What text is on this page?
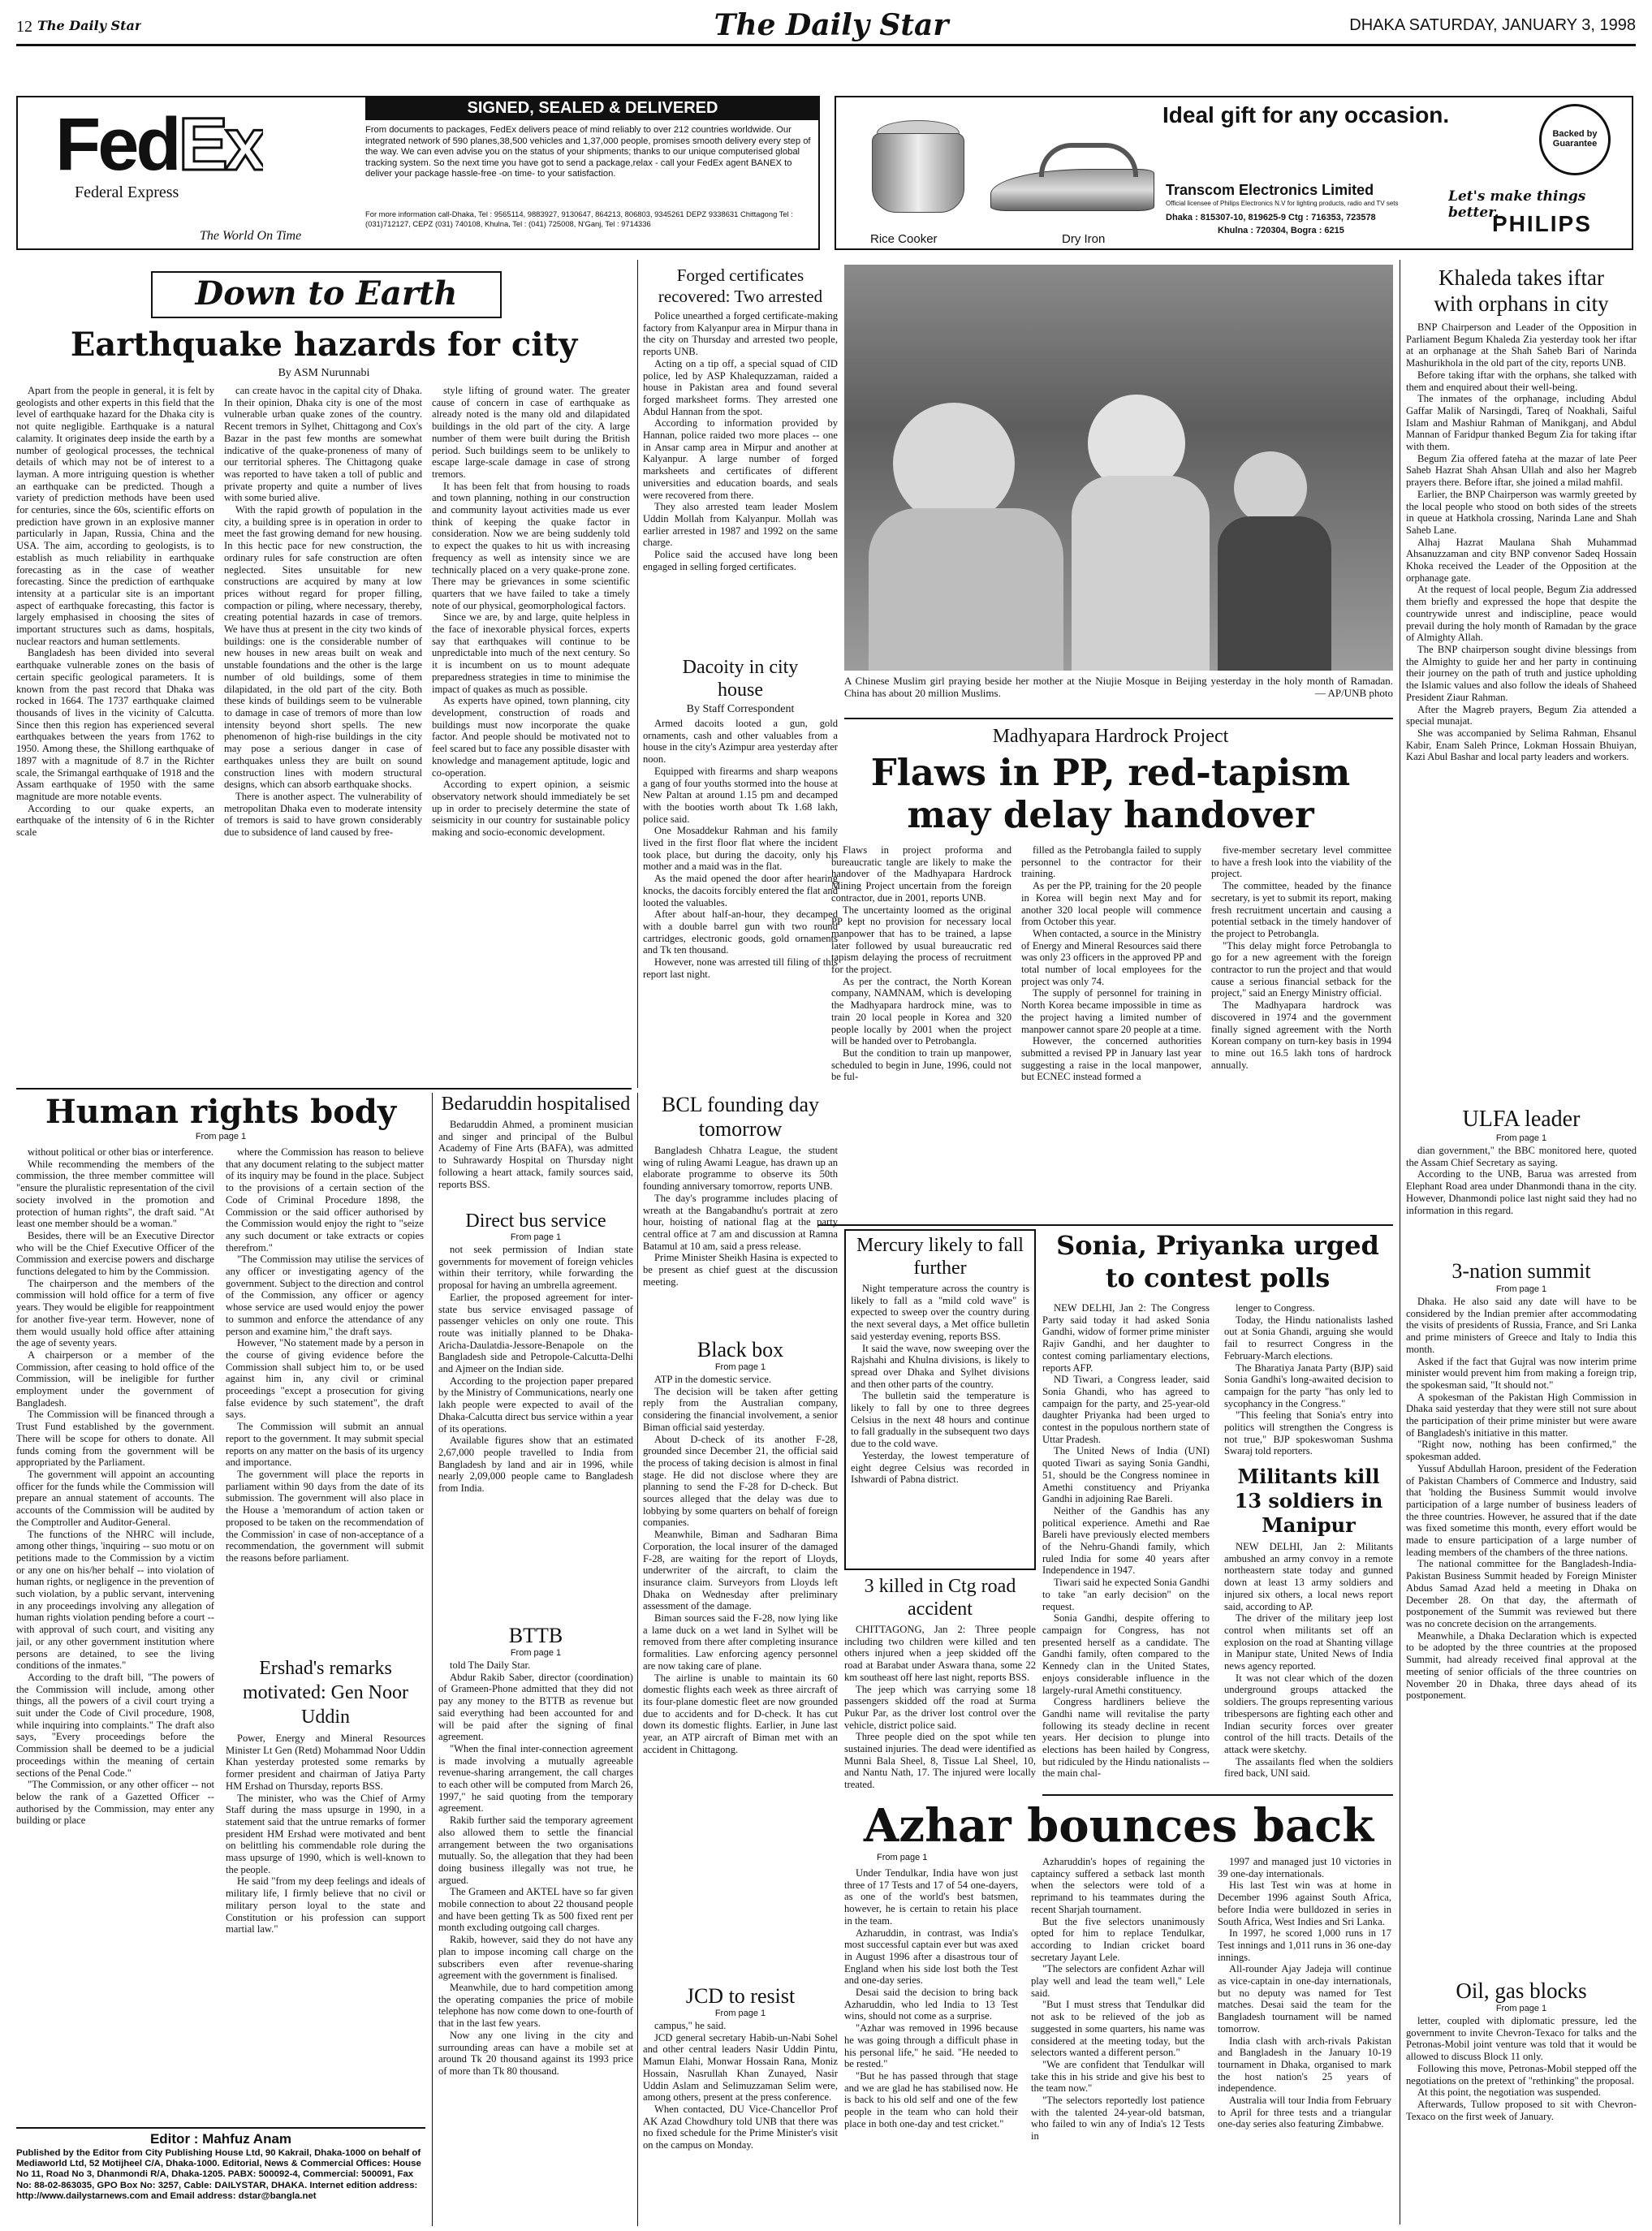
12 The Daily Star	The Daily Star	DHAKA SATURDAY, JANUARY 3, 1998
FedEx
Federal Express
The World On Time
SIGNED, SEALED & DELIVERED
From documents to packages, FedEx delivers peace of mind reliably to over 212 countries worldwide. Our integrated network of 590 planes,38,500 vehicles and 1,37,000 people, promises smooth delivery every step of the way. We can even advise you on the status of your shipments; thanks to our unique computerised global tracking system. So the next time you have got to send a package,relax - call your FedEx agent BANEX to deliver your package hassle-free -on time- to your satisfaction.
For more information call-Dhaka, Tel : 9565114, 9883927, 9130647, 864213, 806803, 9345261 DEPZ 9338631 Chittagong Tel : (031)712127, CEPZ (031) 740108, Khulna, Tel : (041) 725008, N'Ganj, Tel : 9714336
Rice Cooker	Dry Iron
Ideal gift for any occasion.
Backed by Guarantee
Transcom Electronics Limited
Official licensee of Philips Electronics N.V for lighting products, radio and TV sets
Dhaka : 815307-10, 819625-9 Ctg : 716353, 723578
Khulna : 720304, Bogra : 6215
Let's make things better.
PHILIPS
Down to Earth
Earthquake hazards for city
By ASM Nurunnabi

Apart from the people in general, it is felt by geologists and other experts in this field that the level of earthquake hazard for the Dhaka city is not quite negligible. Earthquake is a natural calamity. It originates deep inside the earth by a number of geological processes, the technical details of which may not be of interest to a layman. A more intriguing question is whether an earthquake can be predicted. Though a variety of prediction methods have been used for centuries, since the 60s, scientific efforts on prediction have grown in an explosive manner particularly in Japan, Russia, China and the USA. The aim, according to geologists, is to establish as much reliability in earthquake forecasting as in the case of weather forecasting. Since the prediction of earthquake intensity at a particular site is an important aspect of earthquake forecasting, this factor is largely emphasised in choosing the sites of important structures such as dams, hospitals, nuclear reactors and human settlements.

Bangladesh has been divided into several earthquake vulnerable zones on the basis of certain specific geological parameters. It is known from the past record that Dhaka was rocked in 1664. The 1737 earthquake claimed thousands of lives in the vicinity of Calcutta. Since then this region has experienced several earthquakes between the years from 1762 to 1950. Among these, the Shillong earthquake of 1897 with a magnitude of 8.7 in the Richter scale, the Srimangal earthquake of 1918 and the Assam earthquake of 1950 with the same magnitude are more notable events.

According to our quake experts, an earthquake of the intensity of 6 in the Richter scale

can create havoc in the capital city of Dhaka. In their opinion, Dhaka city is one of the most vulnerable urban quake zones of the country. Recent tremors in Sylhet, Chittagong and Cox's Bazar in the past few months are somewhat indicative of the quake-proneness of many of our territorial spheres. The Chittagong quake was reported to have taken a toll of public and private property and quite a number of lives with some buried alive.

With the rapid growth of population in the city, a building spree is in operation in order to meet the fast growing demand for new housing. In this hectic pace for new construction, the ordinary rules for safe construction are often neglected. Sites unsuitable for new constructions are acquired by many at low prices without regard for proper filling, compaction or piling, where necessary, thereby, creating potential hazards in case of tremors. We have thus at present in the city two kinds of buildings: one is the considerable number of new houses in new areas built on weak and unstable foundations and the other is the large number of old buildings, some of them dilapidated, in the old part of the city. Both these kinds of buildings seem to be vulnerable to damage in case of tremors of more than low intensity beyond short spells. The new phenomenon of high-rise buildings in the city may pose a serious danger in case of earthquakes unless they are built on sound construction lines with modern structural designs, which can absorb earthquake shocks.

There is another aspect. The vulnerability of metropolitan Dhaka even to moderate intensity of tremors is said to have grown considerably due to subsidence of land caused by free-

style lifting of ground water. The greater cause of concern in case of earthquake as already noted is the many old and dilapidated buildings in the old part of the city. A large number of them were built during the British period. Such buildings seem to be unlikely to escape large-scale damage in case of strong tremors.

It has been felt that from housing to roads and town planning, nothing in our construction and community layout activities made us ever think of keeping the quake factor in consideration. Now we are being suddenly told to expect the quakes to hit us with increasing frequency as well as intensity since we are technically placed on a very quake-prone zone. There may be grievances in some scientific quarters that we have failed to take a timely note of our physical, geomorphological factors.

Since we are, by and large, quite helpless in the face of inexorable physical forces, experts say that earthquakes will continue to be unpredictable into much of the next century. So it is incumbent on us to mount adequate preparedness strategies in time to minimise the impact of quakes as much as possible.

As experts have opined, town planning, city development, construction of roads and buildings must now incorporate the quake factor. And people should be motivated not to feel scared but to face any possible disaster with knowledge and management aptitude, logic and co-operation.

According to expert opinion, a seismic observatory network should immediately be set up in order to precisely determine the state of seismicity in our country for sustainable policy making and socio-economic development.

Forged certificates recovered: Two arrested

Police unearthed a forged certificate-making factory from Kalyanpur area in Mirpur thana in the city on Thursday and arrested two people, reports UNB.

Acting on a tip off, a special squad of CID police, led by ASP Khalequzzaman, raided a house in Pakistan area and found several forged marksheet forms. They arrested one Abdul Hannan from the spot.

According to information provided by Hannan, police raided two more places -- one in Ansar camp area in Mirpur and another at Kalyanpur. A large number of forged marksheets and certificates of different universities and education boards, and seals were recovered from there.

They also arrested team leader Moslem Uddin Mollah from Kalyanpur. Mollah was earlier arrested in 1987 and 1992 on the same charge.

Police said the accused have long been engaged in selling forged certificates.

Dacoity in city house
By Staff Correspondent

Armed dacoits looted a gun, gold ornaments, cash and other valuables from a house in the city's Azimpur area yesterday after noon.

Equipped with firearms and sharp weapons a gang of four youths stormed into the house at New Paltan at around 1.15 pm and decamped with the booties worth about Tk 1.68 lakh, police said.

One Mosaddekur Rahman and his family lived in the first floor flat where the incident took place, but during the dacoity, only his mother and a maid was in the flat.

As the maid opened the door after hearing knocks, the dacoits forcibly entered the flat and looted the valuables.

After about half-an-hour, they decamped with a double barrel gun with two round cartridges, electronic goods, gold ornaments and Tk ten thousand.

However, none was arrested till filing of this report last night.

A Chinese Muslim girl praying beside her mother at the Niujie Mosque in Beijing yesterday in the holy month of Ramadan. China has about 20 million Muslims.	— AP/UNB photo
Khaleda takes iftar with orphans in city

BNP Chairperson and Leader of the Opposition in Parliament Begum Khaleda Zia yesterday took her iftar at an orphanage at the Shah Saheb Bari of Narinda Mashurikhola in the old part of the city, reports UNB.

Before taking iftar with the orphans, she talked with them and enquired about their well-being.

The inmates of the orphanage, including Abdul Gaffar Malik of Narsingdi, Tareq of Noakhali, Saiful Islam and Mashiur Rahman of Manikganj, and Abdul Mannan of Faridpur thanked Begum Zia for taking iftar with them.

Begum Zia offered fateha at the mazar of late Peer Saheb Hazrat Shah Ahsan Ullah and also her Magreb prayers there. Before iftar, she joined a milad mahfil.

Earlier, the BNP Chairperson was warmly greeted by the local people who stood on both sides of the streets in queue at Hatkhola crossing, Narinda Lane and Shah Saheb Lane.

Alhaj Hazrat Maulana Shah Muhammad Ahsanuzzaman and city BNP convenor Sadeq Hossain Khoka received the Leader of the Opposition at the orphanage gate.

At the request of local people, Begum Zia addressed them briefly and expressed the hope that despite the countrywide unrest and indiscipline, peace would prevail during the holy month of Ramadan by the grace of Almighty Allah.

The BNP chairperson sought divine blessings from the Almighty to guide her and her party in continuing their journey on the path of truth and justice upholding the Islamic values and also follow the ideals of Shaheed President Ziaur Rahman.

After the Magreb prayers, Begum Zia attended a special munajat.

She was accompanied by Selima Rahman, Ehsanul Kabir, Enam Saleh Prince, Lokman Hossain Bhuiyan, Kazi Abul Bashar and local party leaders and workers.

Madhyapara Hardrock Project
Flaws in PP, red-tapism may delay handover

Flaws in project proforma and bureaucratic tangle are likely to make the handover of the Madhyapara Hardrock Mining Project uncertain from the foreign contractor, due in 2001, reports UNB.

The uncertainty loomed as the original PP kept no provision for necessary local manpower that has to be trained, a lapse later followed by usual bureaucratic red tapism delaying the process of recruitment for the project.

As per the contract, the North Korean company, NAMNAM, which is developing the Madhyapara hardrock mine, was to train 20 local people in Korea and 320 people locally by 2001 when the project will be handed over to Petrobangla.

But the condition to train up manpower, scheduled to begin in June, 1996, could not be ful-

filled as the Petrobangla failed to supply personnel to the contractor for their training.

As per the PP, training for the 20 people in Korea will begin next May and for another 320 local people will commence from October this year.

When contacted, a source in the Ministry of Energy and Mineral Resources said there was only 23 officers in the approved PP and total number of local employees for the project was only 74.

The supply of personnel for training in North Korea became impossible in time as the project having a limited number of manpower cannot spare 20 people at a time.

However, the concerned authorities submitted a revised PP in January last year suggesting a raise in the local manpower, but ECNEC instead formed a

five-member secretary level committee to have a fresh look into the viability of the project.

The committee, headed by the finance secretary, is yet to submit its report, making fresh recruitment uncertain and causing a potential setback in the timely handover of the project to Petrobangla.

"This delay might force Petrobangla to go for a new agreement with the foreign contractor to run the project and that would cause a serious financial setback for the project," said an Energy Ministry official.

The Madhyapara hardrock was discovered in 1974 and the government finally signed agreement with the North Korean company on turn-key basis in 1994 to mine out 16.5 lakh tons of hardrock annually.

Human rights body
From page 1

without political or other bias or interference.

While recommending the members of the commission, the three member committee will "ensure the pluralistic representation of the civil society involved in the promotion and protection of human rights", the draft said. "At least one member should be a woman."

Besides, there will be an Executive Director who will be the Chief Executive Officer of the Commission and exercise powers and discharge functions delegated to him by the Commission.

The chairperson and the members of the commission will hold office for a term of five years. They would be eligible for reappointment for another five-year term. However, none of them would usually hold office after attaining the age of seventy years.

A chairperson or a member of the Commission, after ceasing to hold office of the Commission, will be ineligible for further employment under the government of Bangladesh.

The Commission will be financed through a Trust Fund established by the government. There will be scope for others to donate. All funds coming from the government will be appropriated by the Parliament.

The government will appoint an accounting officer for the funds while the Commission will prepare an annual statement of accounts. The accounts of the Commission will be audited by the Comptroller and Auditor-General.

The functions of the NHRC will include, among other things, 'inquiring -- suo motu or on petitions made to the Commission by a victim or any one on his/her behalf -- into violation of human rights, or negligence in the prevention of such violation, by a public servant, intervening in any proceedings involving any allegation of human rights violation pending before a court -- with approval of such court, and visiting any jail, or any other government institution where persons are detained, to see the living conditions of the inmates."

According to the draft bill, "The powers of the Commission will include, among other things, all the powers of a civil court trying a suit under the Code of Civil procedure, 1908, while inquiring into complaints." The draft also says, "Every proceedings before the Commission shall be deemed to be a judicial proceedings within the meaning of certain sections of the Penal Code."

"The Commission, or any other officer -- not below the rank of a Gazetted Officer -- authorised by the Commission, may enter any building or place

where the Commission has reason to believe that any document relating to the subject matter of its inquiry may be found in the place. Subject to the provisions of a certain section of the Code of Criminal Procedure 1898, the Commission or the said officer authorised by the Commission would enjoy the right to "seize any such document or take extracts or copies therefrom."

"The Commission may utilise the services of any officer or investigating agency of the government. Subject to the direction and control of the Commission, any officer or agency whose service are used would enjoy the power to summon and enforce the attendance of any person and examine him," the draft says.

However, "No statement made by a person in the course of giving evidence before the Commission shall subject him to, or be used against him in, any civil or criminal proceedings "except a prosecution for giving false evidence by such statement", the draft says.

The Commission will submit an annual report to the government. It may submit special reports on any matter on the basis of its urgency and importance.

The government will place the reports in parliament within 90 days from the date of its submission. The government will also place in the House a 'memorandum of action taken or proposed to be taken on the recommendation of the Commission' in case of non-acceptance of a recommendation, the government will submit the reasons before parliament.

Ershad's remarks motivated: Gen Noor Uddin

Power, Energy and Mineral Resources Minister Lt Gen (Retd) Mohammad Noor Uddin Khan yesterday protested some remarks by former president and chairman of Jatiya Party HM Ershad on Thursday, reports BSS.

The minister, who was the Chief of Army Staff during the mass upsurge in 1990, in a statement said that the untrue remarks of former president HM Ershad were motivated and bent on belittling his commendable role during the mass upsurge of 1990, which is well-known to the people.

He said "from my deep feelings and ideals of military life, I firmly believe that no civil or military person loyal to the state and Constitution or his profession can support martial law."

Editor : Mahfuz Anam
Published by the Editor from City Publishing House Ltd, 90 Kakrail, Dhaka-1000 on behalf of Mediaworld Ltd, 52 Motijheel C/A, Dhaka-1000. Editorial, News & Commercial Offices: House No 11, Road No 3, Dhanmondi R/A, Dhaka-1205. PABX: 500092-4, Commercial: 500091, Fax No: 88-02-863035, GPO Box No: 3257, Cable: DAILYSTAR, DHAKA. Internet edition address: http://www.dailystarnews.com and Email address: dstar@bangla.net
Bedaruddin hospitalised

Bedaruddin Ahmed, a prominent musician and singer and principal of the Bulbul Academy of Fine Arts (BAFA), was admitted to Suhrawardy Hospital on Thursday night following a heart attack, family sources said, reports BSS.

Direct bus service
From page 1

not seek permission of Indian state governments for movement of foreign vehicles within their territory, while forwarding the proposal for having an umbrella agreement.

Earlier, the proposed agreement for inter-state bus service envisaged passage of passenger vehicles on only one route. This route was initially planned to be Dhaka-Aricha-Daulatdia-Jessore-Benapole on the Bangladesh side and Petropole-Calcutta-Delhi and Ajmeer on the Indian side.

According to the projection paper prepared by the Ministry of Communications, nearly one lakh people were expected to avail of the Dhaka-Calcutta direct bus service within a year of its operations.

Available figures show that an estimated 2,67,000 people travelled to India from Bangladesh by land and air in 1996, while nearly 2,09,000 people came to Bangladesh from India.

BTTB
From page 1

told The Daily Star.

Abdur Rakib Saber, director (coordination) of Grameen-Phone admitted that they did not pay any money to the BTTB as revenue but said everything had been accounted for and will be paid after the signing of final agreement.

"When the final inter-connection agreement is made involving a mutually agreeable revenue-sharing arrangement, the call charges to each other will be computed from March 26, 1997," he said quoting from the temporary agreement.

Rakib further said the temporary agreement also allowed them to settle the financial arrangement between the two organisations mutually. So, the allegation that they had been doing business illegally was not true, he argued.

The Grameen and AKTEL have so far given mobile connection to about 22 thousand people and have been getting Tk as 500 fixed rent per month excluding outgoing call charges.

Rakib, however, said they do not have any plan to impose incoming call charge on the subscribers even after revenue-sharing agreement with the government is finalised.

Meanwhile, due to hard competition among the operating companies the price of mobile telephone has now come down to one-fourth of that in the last few years.

Now any one living in the city and surrounding areas can have a mobile set at around Tk 20 thousand against its 1993 price of more than Tk 80 thousand.

BCL founding day tomorrow

Bangladesh Chhatra League, the student wing of ruling Awami League, has drawn up an elaborate programme to observe its 50th founding anniversary tomorrow, reports UNB.

The day's programme includes placing of wreath at the Bangabandhu's portrait at zero hour, hoisting of national flag at the party central office at 7 am and discussion at Ramna Batamul at 10 am, said a press release.

Prime Minister Sheikh Hasina is expected to be present as chief guest at the discussion meeting.

Black box
From page 1

ATP in the domestic service.

The decision will be taken after getting reply from the Australian company, considering the financial involvement, a senior Biman official said yesterday.

About D-check of its another F-28, grounded since December 21, the official said the process of taking decision is almost in final stage. He did not disclose where they are planning to send the F-28 for D-check. But sources alleged that the delay was due to lobbying by some quarters on behalf of foreign companies.

Meanwhile, Biman and Sadharan Bima Corporation, the local insurer of the damaged F-28, are waiting for the report of Lloyds, underwriter of the aircraft, to claim the insurance claim. Surveyors from Lloyds left Dhaka on Wednesday after preliminary assessment of the damage.

Biman sources said the F-28, now lying like a lame duck on a wet land in Sylhet will be removed from there after completing insurance formalities. Law enforcing agency personnel are now taking care of plane.

The airline is unable to maintain its 60 domestic flights each week as three aircraft of its four-plane domestic fleet are now grounded due to accidents and for D-check. It has cut down its domestic flights. Earlier, in June last year, an ATP aircraft of Biman met with an accident in Chittagong.

JCD to resist
From page 1

campus," he said.

JCD general secretary Habib-un-Nabi Sohel and other central leaders Nasir Uddin Pintu, Mamun Elahi, Monwar Hossain Rana, Moniz Hossain, Nasrullah Khan Zunayed, Nasir Uddin Aslam and Selimuzzaman Selim were, among others, present at the press conference.

When contacted, DU Vice-Chancellor Prof AK Azad Chowdhury told UNB that there was no fixed schedule for the Prime Minister's visit on the campus on Monday.

Mercury likely to fall further

Night temperature across the country is likely to fall as a "mild cold wave" is expected to sweep over the country during the next several days, a Met office bulletin said yesterday evening, reports BSS.

It said the wave, now sweeping over the Rajshahi and Khulna divisions, is likely to spread over Dhaka and Sylhet divisions and then other parts of the country.

The bulletin said the temperature is likely to fall by one to three degrees Celsius in the next 48 hours and continue to fall gradually in the subsequent two days due to the cold wave.

Yesterday, the lowest temperature of eight degree Celsius was recorded in Ishwardi of Pabna district.

3 killed in Ctg road accident

CHITTAGONG, Jan 2: Three people including two children were killed and ten others injured when a jeep skidded off the road at Barabat under Aswara thana, some 22 km southeast off here last night, reports BSS.

The jeep which was carrying some 18 passengers skidded off the road at Surma Pukur Par, as the driver lost control over the vehicle, district police said.

Three people died on the spot while ten sustained injuries. The dead were identified as Munni Bala Sheel, 8, Tissue Lal Sheel, 10, and Nantu Nath, 17. The injured were locally treated.

Sonia, Priyanka urged to contest polls

NEW DELHI, Jan 2: The Congress Party said today it had asked Sonia Gandhi, widow of former prime minister Rajiv Gandhi, and her daughter to contest coming parliamentary elections, reports AFP.

ND Tiwari, a Congress leader, said Sonia Ghandi, who has agreed to campaign for the party, and 25-year-old daughter Priyanka had been urged to contest in the populous northern state of Uttar Pradesh.

The United News of India (UNI) quoted Tiwari as saying Sonia Gandhi, 51, should be the Congress nominee in Amethi constituency and Priyanka Gandhi in adjoining Rae Bareli.

Neither of the Gandhis has any political experience. Amethi and Rae Bareli have previously elected members of the Nehru-Ghandi family, which ruled India for some 40 years after Independence in 1947.

Tiwari said he expected Sonia Gandhi to take "an early decision" on the request.

Sonia Gandhi, despite offering to campaign for Congress, has not presented herself as a candidate. The Gandhi family, often compared to the Kennedy clan in the United States, enjoys considerable influence in the largely-rural Amethi constituency.

Congress hardliners believe the Gandhi name will revitalise the party following its steady decline in recent years. Her decision to plunge into elections has been hailed by Congress, but ridiculed by the Hindu nationalists -- the main chal-

lenger to Congress.

Today, the Hindu nationalists lashed out at Sonia Ghandi, arguing she would fail to resurrect Congress in the February-March elections.

The Bharatiya Janata Party (BJP) said Sonia Gandhi's long-awaited decision to campaign for the party "has only led to sycophancy in the Congress."

"This feeling that Sonia's entry into politics will strengthen the Congress is not true," BJP spokeswoman Sushma Swaraj told reporters.

Militants kill 13 soldiers in Manipur

NEW DELHI, Jan 2: Militants ambushed an army convoy in a remote northeastern state today and gunned down at least 13 army soldiers and injured six others, a local news report said, according to AP.

The driver of the military jeep lost control when militants set off an explosion on the road at Shanting village in Manipur state, United News of India news agency reported.

It was not clear which of the dozen underground groups attacked the soldiers. The groups representing various tribespersons are fighting each other and Indian security forces over greater control of the hill tracts. Details of the attack were sketchy.

The assailants fled when the soldiers fired back, UNI said.

Azhar bounces back
From page 1

Under Tendulkar, India have won just three of 17 Tests and 17 of 54 one-dayers, as one of the world's best batsmen, however, he is certain to retain his place in the team.

Azharuddin, in contrast, was India's most successful captain ever but was axed in August 1996 after a disastrous tour of England when his side lost both the Test and one-day series.

Desai said the decision to bring back Azharuddin, who led India to 13 Test wins, should not come as a surprise.

"Azhar was removed in 1996 because he was going through a difficult phase in his personal life," he said. "He needed to be rested."

"But he has passed through that stage and we are glad he has stabilised now. He is back to his old self and one of the few people in the team who can hold their place in both one-day and test cricket."

Azharuddin's hopes of regaining the captaincy suffered a setback last month when the selectors were told of a reprimand to his teammates during the recent Sharjah tournament.

But the five selectors unanimously opted for him to replace Tendulkar, according to Indian cricket board secretary Jayant Lele.

"The selectors are confident Azhar will play well and lead the team well," Lele said.

"But I must stress that Tendulkar did not ask to be relieved of the job as suggested in some quarters, his name was considered at the meeting today, but the selectors wanted a different person."

"We are confident that Tendulkar will take this in his stride and give his best to the team now."

"The selectors reportedly lost patience with the talented 24-year-old batsman, who failed to win any of India's 12 Tests in

1997 and managed just 10 victories in 39 one-day internationals.

His last Test win was at home in December 1996 against South Africa, before India were bulldozed in series in South Africa, West Indies and Sri Lanka.

In 1997, he scored 1,000 runs in 17 Test innings and 1,011 runs in 36 one-day innings.

All-rounder Ajay Jadeja will continue as vice-captain in one-day internationals, but no deputy was named for Test matches. Desai said the team for the Bangladesh tournament will be named tomorrow.

India clash with arch-rivals Pakistan and Bangladesh in the January 10-19 tournament in Dhaka, organised to mark the host nation's 25 years of independence.

Australia will tour India from February to April for three tests and a triangular one-day series also featuring Zimbabwe.

ULFA leader
From page 1

dian government," the BBC monitored here, quoted the Assam Chief Secretary as saying.

According to the UNB, Barua was arrested from Elephant Road area under Dhanmondi thana in the city. However, Dhanmondi police last night said they had no information in this regard.

3-nation summit
From page 1

Dhaka. He also said any date will have to be considered by the Indian premier after accommodating the visits of presidents of Russia, France, and Sri Lanka and prime ministers of Greece and Italy to India this month.

Asked if the fact that Gujral was now interim prime minister would prevent him from making a foreign trip, the spokesman said, "It should not."

A spokesman of the Pakistan High Commission in Dhaka said yesterday that they were still not sure about the participation of their prime minister but were aware of Bangladesh's initiative in this matter.

"Right now, nothing has been confirmed," the spokesman added.

Yussuf Abdullah Haroon, president of the Federation of Pakistan Chambers of Commerce and Industry, said that 'holding the Business Summit would involve participation of a large number of business leaders of the three countries. However, he assured that if the date was fixed sometime this month, every effort would be made to ensure participation of a large number of leading members of the chambers of the three nations.

The national committee for the Bangladesh-India-Pakistan Business Summit headed by Foreign Minister Abdus Samad Azad held a meeting in Dhaka on December 28. On that day, the aftermath of postponement of the Summit was reviewed but there was no concrete decision on the arrangements.

Meanwhile, a Dhaka Declaration which is expected to be adopted by the three countries at the proposed Summit, had already received final approval at the meeting of senior officials of the three countries on November 20 in Dhaka, three days ahead of its postponement.

Oil, gas blocks
From page 1

letter, coupled with diplomatic pressure, led the government to invite Chevron-Texaco for talks and the Petronas-Mobil joint venture was told that it would be allowed to discuss Block 11 only.

Following this move, Petronas-Mobil stepped off the negotiations on the pretext of "rethinking" the proposal.

At this point, the negotiation was suspended.

Afterwards, Tullow proposed to sit with Chevron-Texaco on the first week of January.
